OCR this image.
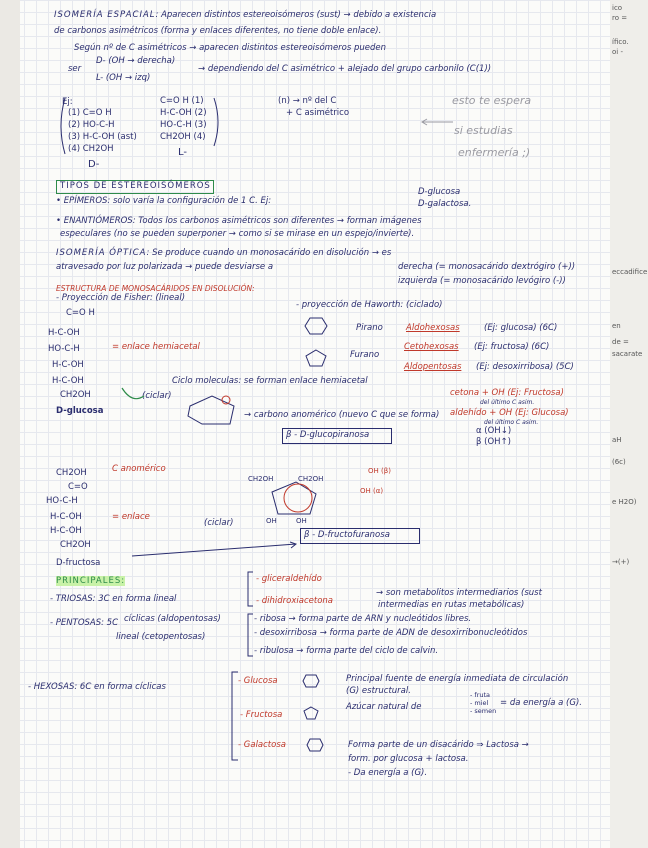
ico
ro =
ífico.
oi -
eccadifice
en
de =
sacarate
aH
(6c)
e H2O)
→(+)
ISOMERÍA ESPACIAL: Aparecen distintos estereoisómeros (sust) → debido a existencia
de carbonos asimétricos (forma y enlaces diferentes, no tiene doble enlace).
Según nº de C asimétricos → aparecen distintos estereoisómeros pueden
ser
D- (OH → derecha)
L- (OH → izq)
→ dependiendo del C asimétrico + alejado del grupo carbonilo (C(1))
Ej:
(1) C=O H
(2) HO-C-H
(3) H-C-OH (ast)
(4) CH2OH
D-
C=O H (1)
H-C-OH (2)
HO-C-H (3)
CH2OH (4)
L-
(n) → nº del C
+ C asimétrico
esto te espera
si estudias
enfermería ;)
TIPOS DE ESTEREOISÓMEROS
• EPÍMEROS: solo varía la configuración de 1 C. Ej:
D-glucosa
D-galactosa.
• ENANTIÓMEROS: Todos los carbonos asimétricos son diferentes → forman imágenes
especulares (no se pueden superponer → como si se mirase en un espejo/invierte).
ISOMERÍA ÓPTICA: Se produce cuando un monosacárido en disolución → es
atravesado por luz polarizada → puede desviarse a	derecha (= monosacárido dextrógiro (+))
izquierda (= monosacárido levógiro (-))
ESTRUCTURA DE MONOSACÁRIDOS EN DISOLUCIÓN:
- Proyección de Fisher: (lineal)
C=O H
H-C-OH
HO-C-H
H-C-OH
H-C-OH
CH2OH
= enlace hemiacetal
D-glucosa
(ciclar)
Ciclo moleculas: se forman enlace hemiacetal
→ carbono anomérico (nuevo C que se forma)
β - D-glucopiranosa
- proyección de Haworth: (ciclado)
Pirano	Aldohexosas	(Ej: glucosa) (6C)
Furano
Cetohexosas (Ej: fructosa) (6C)
Aldopentosas (Ej: desoxirribosa) (5C)
cetona + OH (Ej: Fructosa)
del último C asim.
aldehído + OH (Ej: Glucosa)
del último C asim.
α (OH↓)
β (OH↑)
CH2OH
C=O
HO-C-H
H-C-OH
H-C-OH
CH2OH
C anomérico
= enlace
D-fructosa
(ciclar)
CH2OH	CH2OH
OH	OH
OH (α)
OH (β)
β - D-fructofuranosa
PRINCIPALES:
- TRIOSAS: 3C en forma lineal
- gliceraldehído
- dihidroxiacetona
→ son metabolitos intermediarios (sust
intermedias en rutas metabólicas)
- PENTOSAS: 5C cíclicas (aldopentosas)
lineal (cetopentosas)
- ribosa → forma parte de ARN y nucleótidos libres.
- desoxirribosa → forma parte de ADN de desoxirribonucleótidos
- ribulosa → forma parte del ciclo de calvin.
- HEXOSAS: 6C en forma cíclicas
- Glucosa	Principal fuente de energía inmediata de circulación
(G) estructural.
- Fructosa
Azúcar natural de
- fruta
- miel
- semen
= da energía a (G).
- Galactosa	Forma parte de un disacárido ⇒ Lactosa →
form. por glucosa + lactosa.
- Da energía a (G).
